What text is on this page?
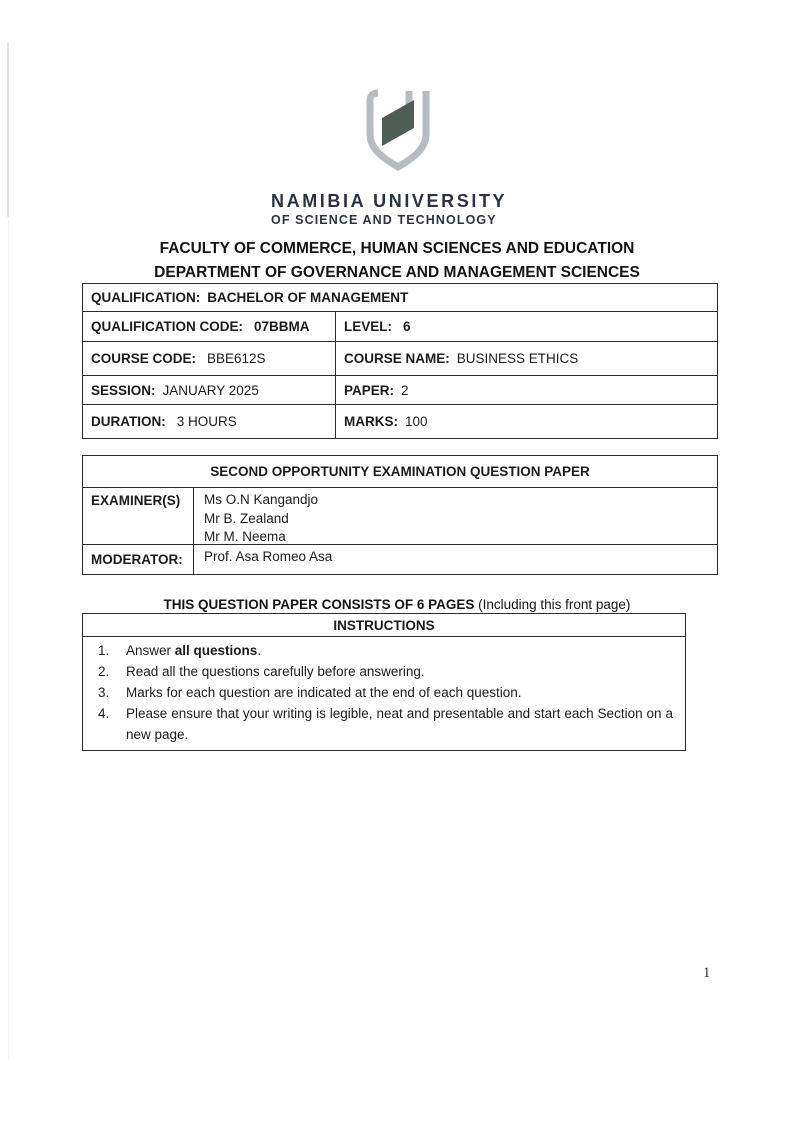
NAMIBIA UNIVERSITY
OF SCIENCE AND TECHNOLOGY
FACULTY OF COMMERCE, HUMAN SCIENCES AND EDUCATION
DEPARTMENT OF GOVERNANCE AND MANAGEMENT SCIENCES
QUALIFICATION: BACHELOR OF MANAGEMENT
QUALIFICATION CODE: 07BBMA	LEVEL: 6
COURSE CODE: BBE612S	COURSE NAME: BUSINESS ETHICS
SESSION: JANUARY 2025	PAPER: 2
DURATION: 3 HOURS	MARKS: 100
SECOND OPPORTUNITY EXAMINATION QUESTION PAPER
EXAMINER(S) Ms O.N Kangandjo
Mr B. Zealand
Mr M. Neema
MODERATOR:	Prof. Asa Romeo Asa
THIS QUESTION PAPER CONSISTS OF 6 PAGES (Including this front page)
INSTRUCTIONS
1.	Answer all questions.
2.	Read all the questions carefully before answering.
3.	Marks for each question are indicated at the end of each question.
4.	Please ensure that your writing is legible, neat and presentable and start each Section on a new page.
1
